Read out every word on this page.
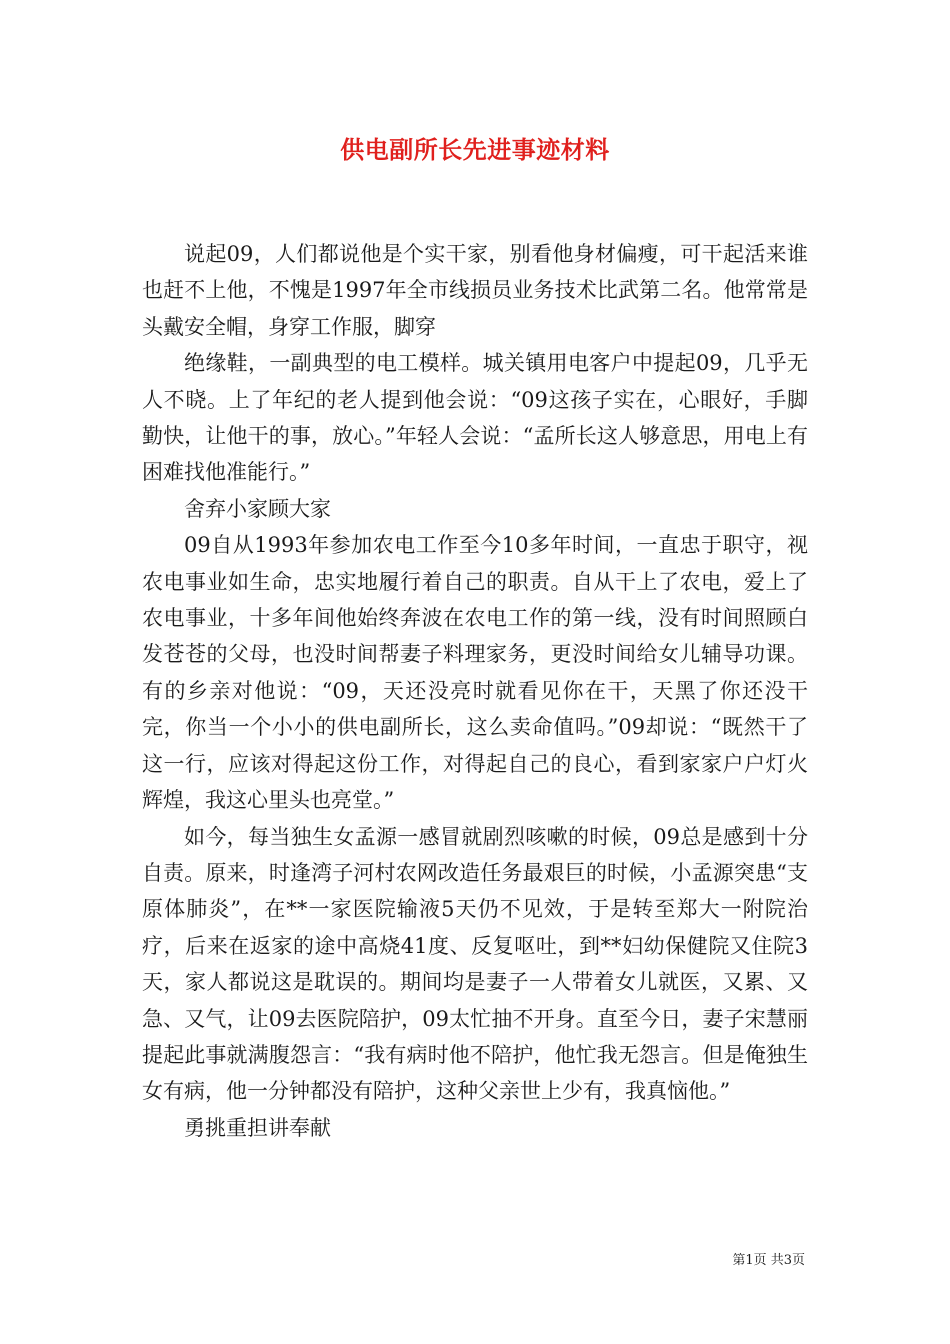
供电副所长先进事迹材料

说起09，人们都说他是个实干家，别看他身材偏瘦，可干起活来谁也赶不上他，不愧是1997年全市线损员业务技术比武第二名。他常常是头戴安全帽，身穿工作服，脚穿

绝缘鞋，一副典型的电工模样。城关镇用电客户中提起09，几乎无人不晓。上了年纪的老人提到他会说：“09这孩子实在，心眼好，手脚勤快，让他干的事，放心。”年轻人会说：“孟所长这人够意思，用电上有困难找他准能行。”

舍弃小家顾大家

09自从1993年参加农电工作至今10多年时间，一直忠于职守，视农电事业如生命，忠实地履行着自己的职责。自从干上了农电，爱上了农电事业，十多年间他始终奔波在农电工作的第一线，没有时间照顾白发苍苍的父母，也没时间帮妻子料理家务，更没时间给女儿辅导功课。有的乡亲对他说：“09，天还没亮时就看见你在干，天黑了你还没干完，你当一个小小的供电副所长，这么卖命值吗。”09却说：“既然干了这一行，应该对得起这份工作，对得起自己的良心，看到家家户户灯火辉煌，我这心里头也亮堂。”

如今，每当独生女孟源一感冒就剧烈咳嗽的时候，09总是感到十分自责。原来，时逢湾子河村农网改造任务最艰巨的时候，小孟源突患“支原体肺炎”，在**一家医院输液5天仍不见效，于是转至郑大一附院治疗，后来在返家的途中高烧41度、反复呕吐，到**妇幼保健院又住院3天，家人都说这是耽误的。期间均是妻子一人带着女儿就医，又累、又急、又气，让09去医院陪护，09太忙抽不开身。直至今日，妻子宋慧丽提起此事就满腹怨言：“我有病时他不陪护，他忙我无怨言。但是俺独生女有病，他一分钟都没有陪护，这种父亲世上少有，我真恼他。”

勇挑重担讲奉献

第1页 共3页
